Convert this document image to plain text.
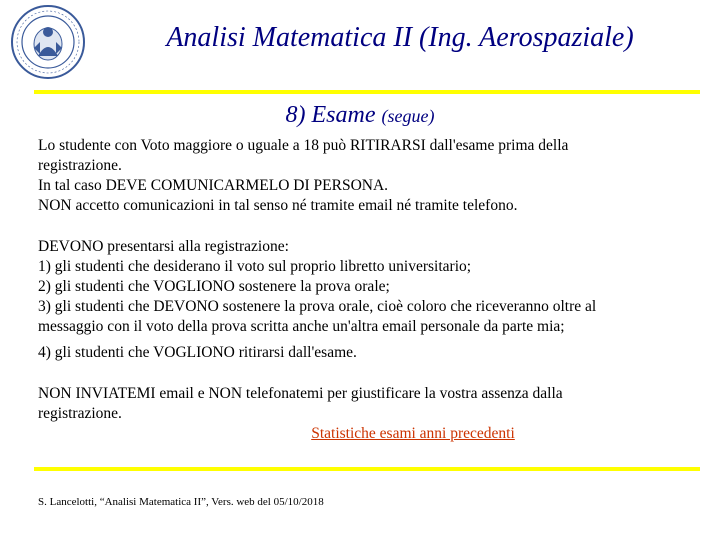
Analisi Matematica II (Ing. Aerospaziale)
8) Esame (segue)
Lo studente con Voto maggiore o uguale a 18 può RITIRARSI dall'esame prima della
registrazione.
In tal caso DEVE COMUNICARMELO DI PERSONA.
NON accetto comunicazioni in tal senso né tramite email né tramite telefono.
DEVONO presentarsi alla registrazione:
1) gli studenti che desiderano il voto sul proprio libretto universitario;
2) gli studenti che VOGLIONO sostenere la prova orale;
3) gli studenti che DEVONO sostenere la prova orale, cioè coloro che riceveranno oltre al
messaggio con il voto della prova scritta anche un'altra email personale da parte mia;
4) gli studenti che VOGLIONO ritirarsi dall'esame.
NON INVIATEMI email e NON telefonatemi per giustificare la vostra assenza dalla
registrazione.
Statistiche esami anni precedenti
S. Lancelotti, “Analisi Matematica II”, Vers. web del 05/10/2018
